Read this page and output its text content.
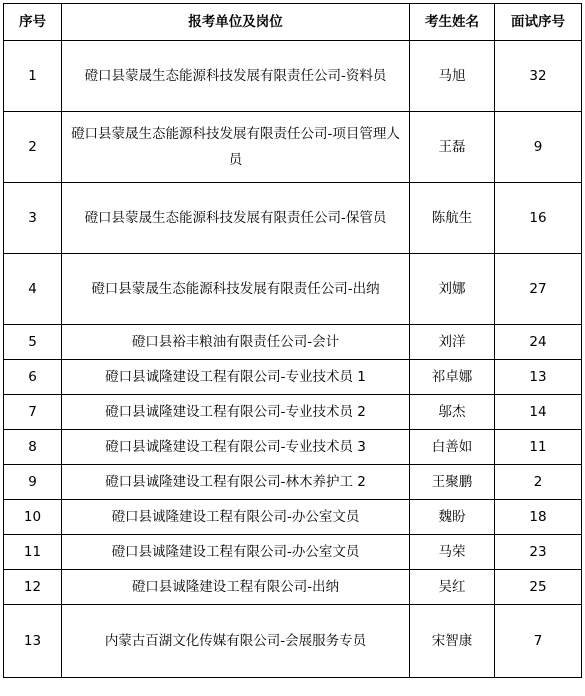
序号	报考单位及岗位	考生姓名	面试序号
1	磴口县蒙晟生态能源科技发展有限责任公司-资料员	马旭	32
2	磴口县蒙晟生态能源科技发展有限责任公司-项目管理人员	王磊	9
3	磴口县蒙晟生态能源科技发展有限责任公司-保管员	陈航生	16
4	磴口县蒙晟生态能源科技发展有限责任公司-出纳	刘娜	27
5	磴口县裕丰粮油有限责任公司-会计	刘洋	24
6	磴口县诚隆建设工程有限公司-专业技术员 1	祁卓娜	13
7	磴口县诚隆建设工程有限公司-专业技术员 2	邬杰	14
8	磴口县诚隆建设工程有限公司-专业技术员 3	白善如	11
9	磴口县诚隆建设工程有限公司-林木养护工 2	王聚鹏	2
10	磴口县诚隆建设工程有限公司-办公室文员	魏盼	18
11	磴口县诚隆建设工程有限公司-办公室文员	马荣	23
12	磴口县诚隆建设工程有限公司-出纳	吴红	25
13	内蒙古百湖文化传媒有限公司-会展服务专员	宋智康	7
